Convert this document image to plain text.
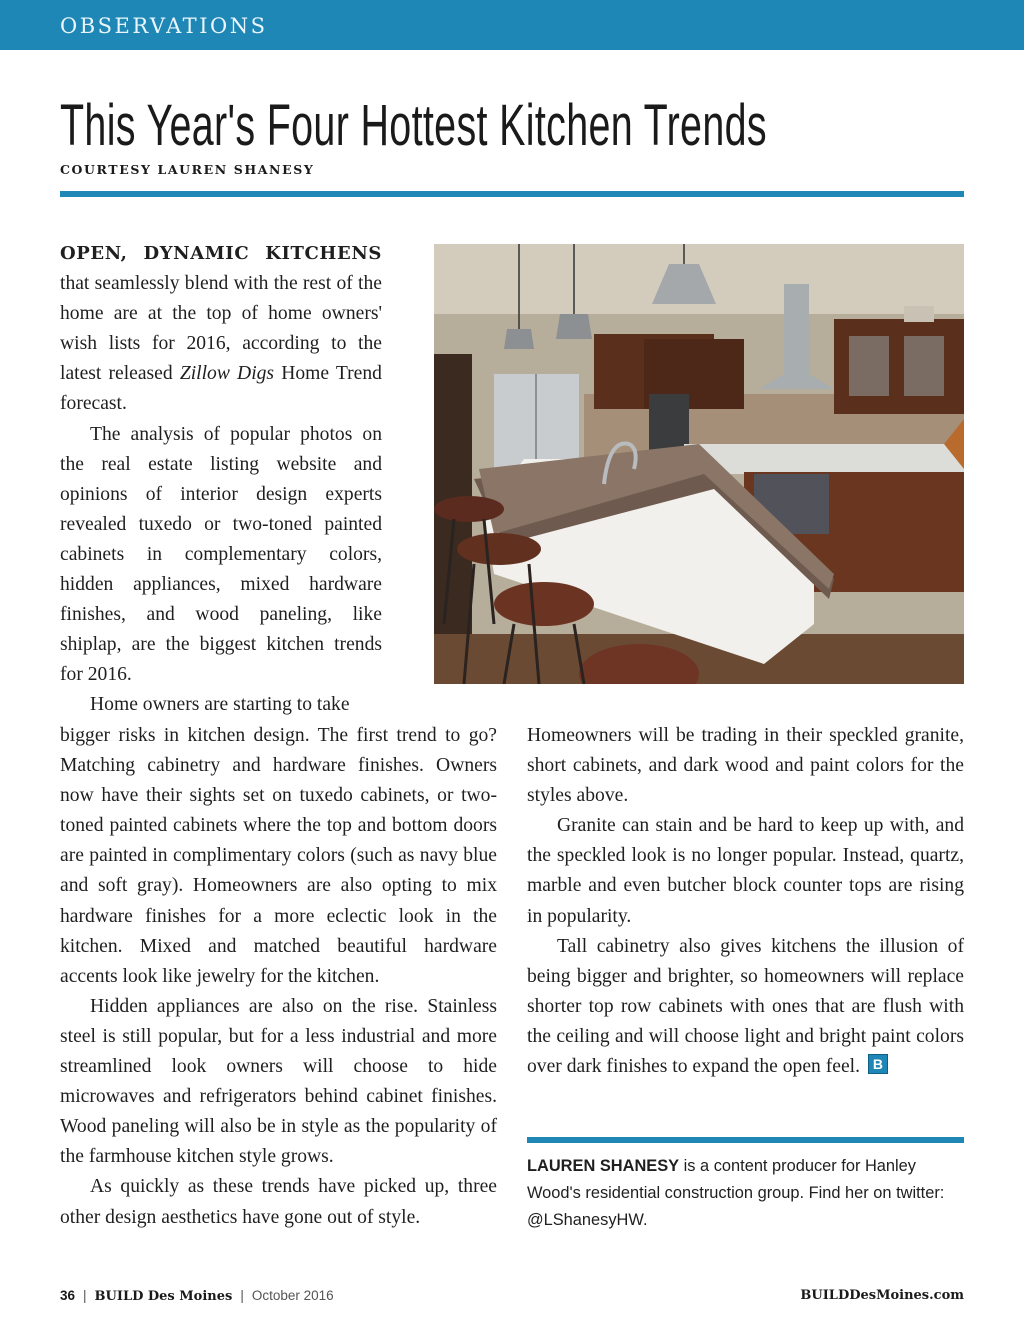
OBSERVATIONS
This Year's Four Hottest Kitchen Trends
COURTESY LAUREN SHANESY

OPEN, DYNAMIC KITCHENS that seamlessly blend with the rest of the home are at the top of home owners' wish lists for 2016, according to the latest released Zillow Digs Home Trend forecast.

The analysis of popular photos on the real estate listing website and opinions of interior design experts revealed tuxedo or two-toned painted cabinets in complementary colors, hidden appliances, mixed hardware finishes, and wood paneling, like shiplap, are the biggest kitchen trends for 2016.

Home owners are starting to take

bigger risks in kitchen design. The first trend to go? Matching cabinetry and hardware finishes. Owners now have their sights set on tuxedo cabinets, or two-toned painted cabinets where the top and bottom doors are painted in complimentary colors (such as navy blue and soft gray). Homeowners are also opting to mix hardware finishes for a more eclectic look in the kitchen. Mixed and matched beautiful hardware accents look like jewelry for the kitchen.

Hidden appliances are also on the rise. Stainless steel is still popular, but for a less industrial and more streamlined look owners will choose to hide microwaves and refrigerators behind cabinet finishes. Wood paneling will also be in style as the popularity of the farmhouse kitchen style grows.

As quickly as these trends have picked up, three other design aesthetics have gone out of style.

Homeowners will be trading in their speckled granite, short cabinets, and dark wood and paint colors for the styles above.

Granite can stain and be hard to keep up with, and the speckled look is no longer popular. Instead, quartz, marble and even butcher block counter tops are rising in popularity.

Tall cabinetry also gives kitchens the illusion of being bigger and brighter, so homeowners will replace shorter top row cabinets with ones that are flush with the ceiling and will choose light and bright paint colors over dark finishes to expand the open feel. B

LAUREN SHANESY is a content producer for Hanley Wood's residential construction group. Find her on twitter: @LShanesyHW.

36 | BUILD Des Moines | October 2016	BUILDDesMoines.com
